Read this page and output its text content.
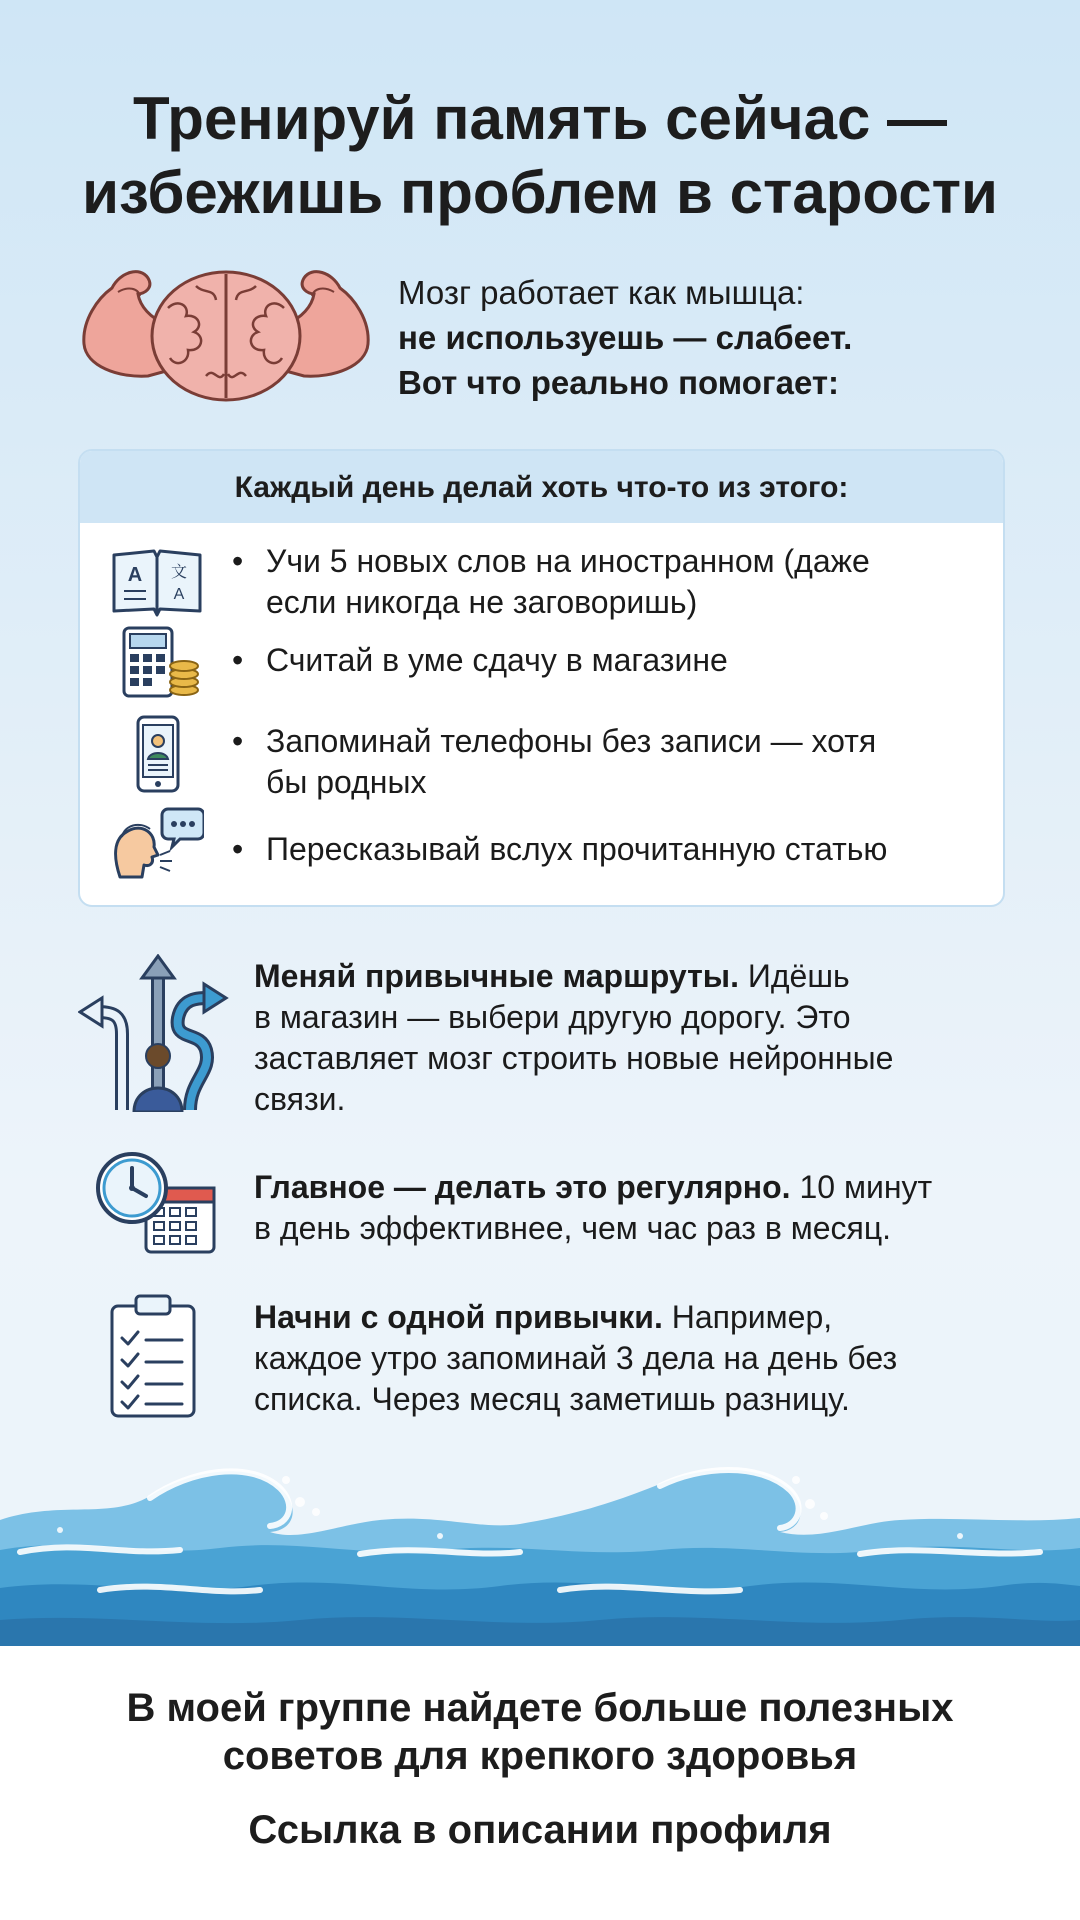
Тренируй память сейчас —
избежишь проблем в старости
Мозг работает как мышца:
не используешь — слабеет.
Вот что реально помогает:
Каждый день делай хоть что-то из этого:
A 文
A
• Учи 5 новых слов на иностранном (даже
если никогда не заговоришь)
• Считай в уме сдачу в магазине
• Запоминай телефоны без записи — хотя
бы родных
• Пересказывай вслух прочитанную статью
Меняй привычные маршруты. Идёшь
в магазин — выбери другую дорогу. Это
заставляет мозг строить новые нейронные
связи.
Главное — делать это регулярно. 10 минут
в день эффективнее, чем час раз в месяц.
Начни с одной привычки. Например,
каждое утро запоминай 3 дела на день без
списка. Через месяц заметишь разницу.
В моей группе найдете больше полезных
советов для крепкого здоровья
Ссылка в описании профиля
